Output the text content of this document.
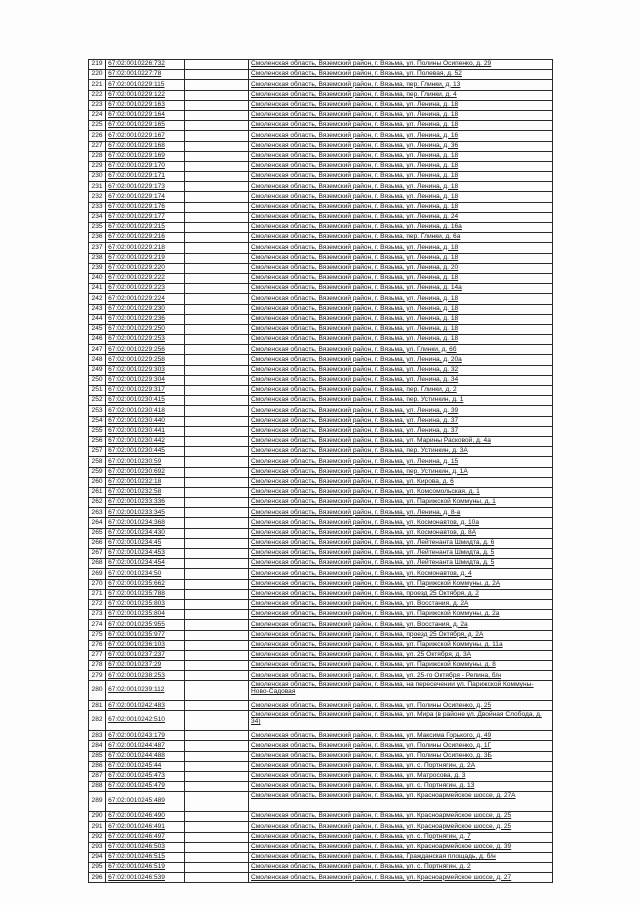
219	67:02:0010226:732		Смоленская область, Вяземский район, г. Вязьма, ул. Полины Осипенко, д. 29
220	67:02:0010227:78		Смоленская область, Вяземский район, г. Вязьма, ул. Полевая, д. 52
221	67:02:0010229:115		Смоленская область, Вяземский район, г. Вязьма, пер. Глинки, д. 13
222	67:02:0010229:122		Смоленская область, Вяземский район, г. Вязьма, пер. Глинки, д. 4
223	67:02:0010229:163		Смоленская область, Вяземский район, г. Вязьма, ул. Ленина, д. 18
224	67:02:0010229:164		Смоленская область, Вяземский район, г. Вязьма, ул. Ленина, д. 18
225	67:02:0010229:165		Смоленская область, Вяземский район, г. Вязьма, ул. Ленина, д. 18
226	67:02:0010229:167		Смоленская область, Вяземский район, г. Вязьма, ул. Ленина, д. 16
227	67:02:0010229:168		Смоленская область, Вяземский район, г. Вязьма, ул. Ленина, д. 36
228	67:02:0010229:169		Смоленская область, Вяземский район, г. Вязьма, ул. Ленина, д. 18
229	67:02:0010229:170		Смоленская область, Вяземский район, г. Вязьма, ул. Ленина, д. 18
230	67:02:0010229:171		Смоленская область, Вяземский район, г. Вязьма, ул. Ленина, д. 18
231	67:02:0010229:173		Смоленская область, Вяземский район, г. Вязьма, ул. Ленина, д. 18
232	67:02:0010229:174		Смоленская область, Вяземский район, г. Вязьма, ул. Ленина, д. 18
233	67:02:0010229:176		Смоленская область, Вяземский район, г. Вязьма, ул. Ленина, д. 18
234	67:02:0010229:177		Смоленская область, Вяземский район, г. Вязьма, ул. Ленина, д. 24
235	67:02:0010229:215		Смоленская область, Вяземский район, г. Вязьма, ул. Ленина, д. 16а
236	67:02:0010229:216		Смоленская область, Вяземский район, г. Вязьма, пер. Глинки, д. 6а
237	67:02:0010229:218		Смоленская область, Вяземский район, г. Вязьма, ул. Ленина, д. 18
238	67:02:0010229:219		Смоленская область, Вяземский район, г. Вязьма, ул. Ленина, д. 18
239	67:02:0010229:220		Смоленская область, Вяземский район, г. Вязьма, ул. Ленина, д. 20
240	67:02:0010229:222		Смоленская область, Вяземский район, г. Вязьма, ул. Ленина, д. 18
241	67:02:0010229:223		Смоленская область, Вяземский район, г. Вязьма, ул. Ленина, д. 14а
242	67:02:0010229:224		Смоленская область, Вяземский район, г. Вязьма, ул. Ленина, д. 18
243	67:02:0010229:230		Смоленская область, Вяземский район, г. Вязьма, ул. Ленина, д. 18
244	67:02:0010229:236		Смоленская область, Вяземский район, г. Вязьма, ул. Ленина, д. 18
245	67:02:0010229:250		Смоленская область, Вяземский район, г. Вязьма, ул. Ленина, д. 18
246	67:02:0010229:253		Смоленская область, Вяземский район, г. Вязьма, ул. Ленина, д. 18
247	67:02:0010229:256		Смоленская область, Вяземский район, г. Вязьма, ул. Глинки, д. 6б
248	67:02:0010229:258		Смоленская область, Вяземский район, г. Вязьма, ул. Ленина, д. 20а
249	67:02:0010229:303		Смоленская область, Вяземский район, г. Вязьма, ул. Ленина, д. 32
250	67:02:0010229:304		Смоленская область, Вяземский район, г. Вязьма, ул. Ленина, д. 34
251	67:02:0010229:317		Смоленская область, Вяземский район, г. Вязьма, пер. Глинки, д. 2
252	67:02:0010230:415		Смоленская область, Вяземский район, г. Вязьма, пер. Устинкин, д. 1
253	67:02:0010230:418		Смоленская область, Вяземский район, г. Вязьма, ул. Ленина, д. 39
254	67:02:0010230:440		Смоленская область, Вяземский район, г. Вязьма, ул. Ленина, д. 37
255	67:02:0010230:441		Смоленская область, Вяземский район, г. Вязьма, ул. Ленина, д. 37
256	67:02:0010230:442		Смоленская область, Вяземский район, г. Вязьма, ул. Марины Расковой, д. 4а
257	67:02:0010230:445		Смоленская область, Вяземский район, г. Вязьма, пер. Устинкин, д. 3А
258	67:02:0010230:59		Смоленская область, Вяземский район, г. Вязьма, ул. Ленина, д. 15
259	67:02:0010230:692		Смоленская область, Вяземский район, г. Вязьма, пер. Устинкин, д. 1А
260	67:02:0010232:18		Смоленская область, Вяземский район, г. Вязьма, ул. Кирова, д. 6
261	67:02:0010232:58		Смоленская область, Вяземский район, г. Вязьма, ул. Комсомольская, д. 1
262	67:02:0010233:336		Смоленская область, Вяземский район, г. Вязьма, ул. Парижской Коммуны, д. 1
263	67:02:0010233:345		Смоленская область, Вяземский район, г. Вязьма, ул. Ленина, д. 8-а
264	67:02:0010234:368		Смоленская область, Вяземский район, г. Вязьма, ул. Космонавтов, д. 10а
265	67:02:0010234:430		Смоленская область, Вяземский район, г. Вязьма, ул. Космонавтов, д. 8А
266	67:02:0010234:45		Смоленская область, Вяземский район, г. Вязьма, ул. Лейтенанта Шмидта, д. 6
267	67:02:0010234:453		Смоленская область, Вяземский район, г. Вязьма, ул. Лейтенанта Шмидта, д. 5
268	67:02:0010234:454		Смоленская область, Вяземский район, г. Вязьма, ул. Лейтенанта Шмидта, д. 5
269	67:02:0010234:50		Смоленская область, Вяземский район, г. Вязьма, ул. Космонавтов, д. 4
270	67:02:0010235:662		Смоленская область, Вяземский район, г. Вязьма, ул. Парижской Коммуны, д. 2А
271	67:02:0010235:788		Смоленская область, Вяземский район, г. Вязьма, проезд 25 Октября, д. 2
272	67:02:0010235:803		Смоленская область, Вяземский район, г. Вязьма, ул. Восстания, д. 2А
273	67:02:0010235:804		Смоленская область, Вяземский район, г. Вязьма, ул. Парижской Коммуны, д. 2а
274	67:02:0010235:955		Смоленская область, Вяземский район, г. Вязьма, ул. Восстания, д. 2а
275	67:02:0010235:977		Смоленская область, Вяземский район, г. Вязьма, проезд 25 Октября, д. 2А
276	67:02:0010236:103		Смоленская область, Вяземский район, г. Вязьма, ул. Парижской Коммуны, д. 11а
277	67:02:0010237:237		Смоленская область, Вяземский район, г. Вязьма, ул. 25 Октября, д. 3А
278	67:02:0010237:29		Смоленская область, Вяземский район, г. Вязьма, ул. Парижской Коммуны, д. 8
279	67:02:0010238:253		Смоленская область, Вяземский район, г. Вязьма, ул. 25-го Октября - Репина, б/н
280	67:02:0010239:112		Смоленская область, Вяземский район, г. Вязьма, на пересечении ул. Парижской Коммуны-Ново-Садовая
281	67:02:0010242:483		Смоленская область, Вяземский район, г. Вязьма, ул. Полины Осипенко, д. 25
282	67:02:0010242:510		Смоленская область, Вяземский район, г. Вязьма, ул. Мира (в районе ул. Двойная Слобода, д. 34)
283	67:02:0010243:179		Смоленская область, Вяземский район, г. Вязьма, ул. Максима Горького, д. 49
284	67:02:0010244:487		Смоленская область, Вяземский район, г. Вязьма, ул. Полины Осипенко, д. 1Г
285	67:02:0010244:488		Смоленская область, Вяземский район, г. Вязьма, ул. Полины Осипенко, д. 3Б
286	67:02:0010245:44		Смоленская область, Вяземский район, г. Вязьма, ул. с. Портнягин, д. 2А
287	67:02:0010245:473		Смоленская область, Вяземский район, г. Вязьма, ул. Матросова, д. 3
288	67:02:0010245:479		Смоленская область, Вяземский район, г. Вязьма, ул. с. Портнягин, д. 13
289	67:02:0010245:489		Смоленская область, Вяземский район, г. Вязьма, ул. Красноармейское шоссе, д. 27А
290	67:02:0010246:490		Смоленская область, Вяземский район, г. Вязьма, ул. Красноармейское шоссе, д. 25
291	67:02:0010246:491		Смоленская область, Вяземский район, г. Вязьма, ул. Красноармейское шоссе, д. 25
292	67:02:0010246:497		Смоленская область, Вяземский район, г. Вязьма, ул. с. Портнягин, д. 7
293	67:02:0010246:503		Смоленская область, Вяземский район, г. Вязьма, ул. Красноармейское шоссе, д. 39
294	67:02:0010246:515		Смоленская область, Вяземский район, г. Вязьма, Гражданская площадь, д. б/н
295	67:02:0010246:519		Смоленская область, Вяземский район, г. Вязьма, ул. с. Портнягин, д. 2
296	67:02:0010246:539		Смоленская область, Вяземский район, г. Вязьма, ул. Красноармейское шоссе, д. 27
